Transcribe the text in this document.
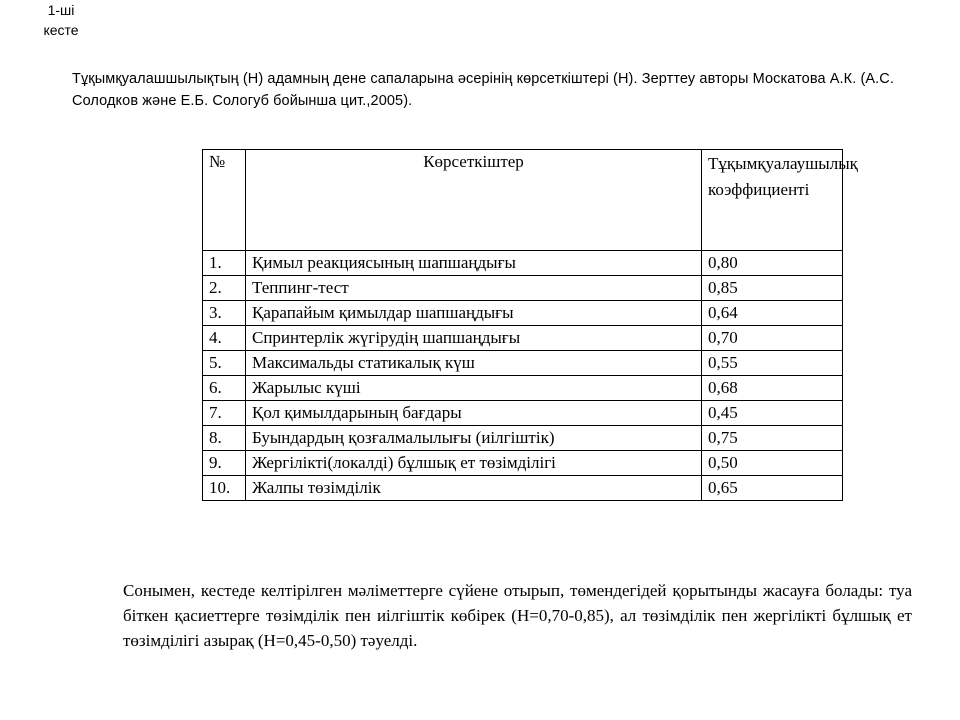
1-ші
кесте
Тұқымқуалашшылықтың (Н) адамның дене сапаларына әсерінің көрсеткіштері (Н). Зерттеу авторы Москатова А.К. (А.С. Солодков және Е.Б. Сологуб бойынша цит.,2005).
№	Көрсеткіштер	Тұқымқуалаушылық коэффициенті
1.	Қимыл реакциясының шапшаңдығы	0,80
2.	Теппинг-тест	0,85
3.	Қарапайым қимылдар шапшаңдығы	0,64
4.	Спринтерлік жүгірудің шапшаңдығы	0,70
5.	Максимальды статикалық күш	0,55
6.	Жарылыс күші	0,68
7.	Қол қимылдарының бағдары	0,45
8.	Буындардың қозғалмалылығы (иілгіштік)	0,75
9.	Жергілікті(локалді) бұлшық ет төзімділігі	0,50
10.	Жалпы төзімділік	0,65
Сонымен, кестеде келтірілген мәліметтерге сүйене отырып, төмендегідей қорытынды жасауға болады: туа біткен қасиеттерге төзімділік пен иілгіштік көбірек (Н=0,70-0,85), ал төзімділік пен жергілікті бұлшық ет төзімділігі азырақ (Н=0,45-0,50) тәуелді.
